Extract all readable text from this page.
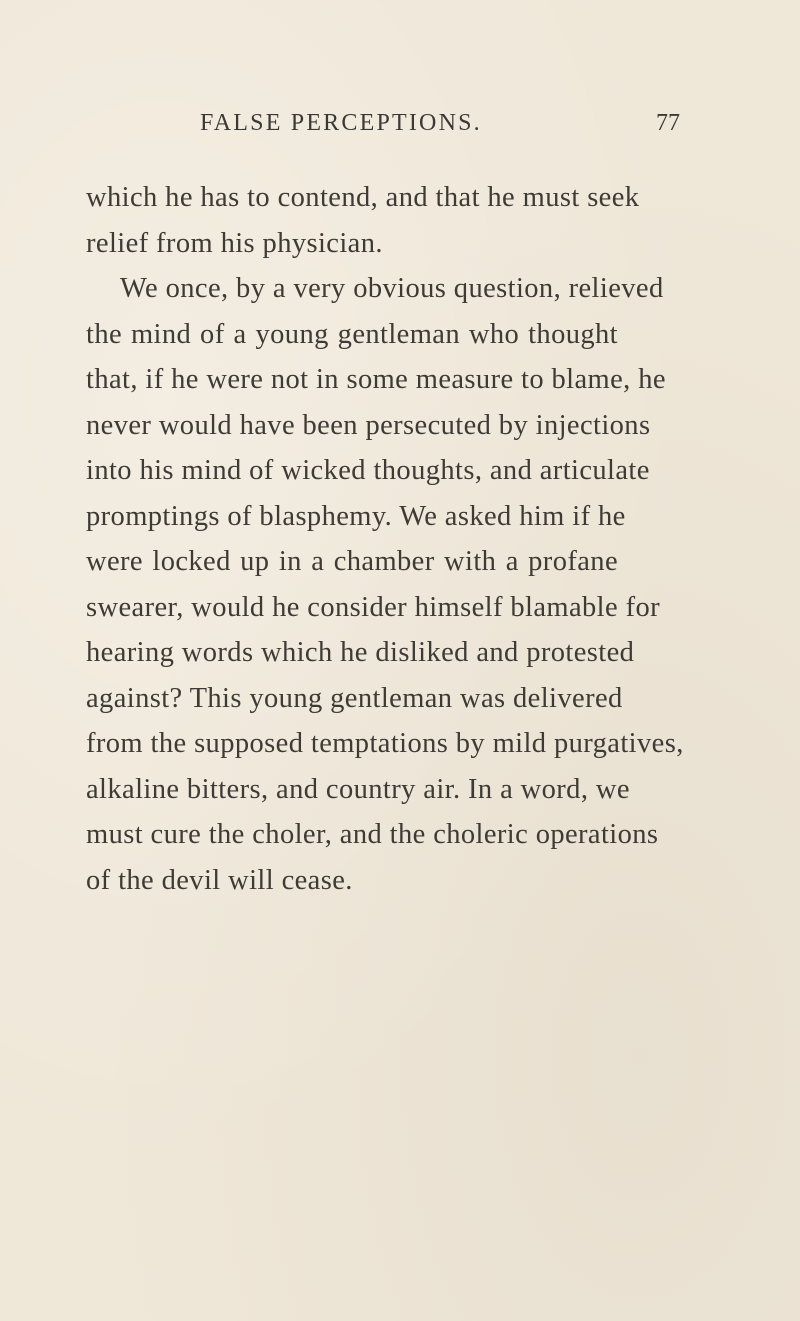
FALSE PERCEPTIONS.	77
which he has to contend, and that he must seek
relief from his physician.
We once, by a very obvious question, relieved
the mind of a young gentleman who thought
that, if he were not in some measure to blame, he
never would have been persecuted by injections
into his mind of wicked thoughts, and articulate
promptings of blasphemy. We asked him if he
were locked up in a chamber with a profane
swearer, would he consider himself blamable for
hearing words which he disliked and protested
against? This young gentleman was delivered
from the supposed temptations by mild purgatives,
alkaline bitters, and country air. In a word, we
must cure the choler, and the choleric operations
of the devil will cease.
